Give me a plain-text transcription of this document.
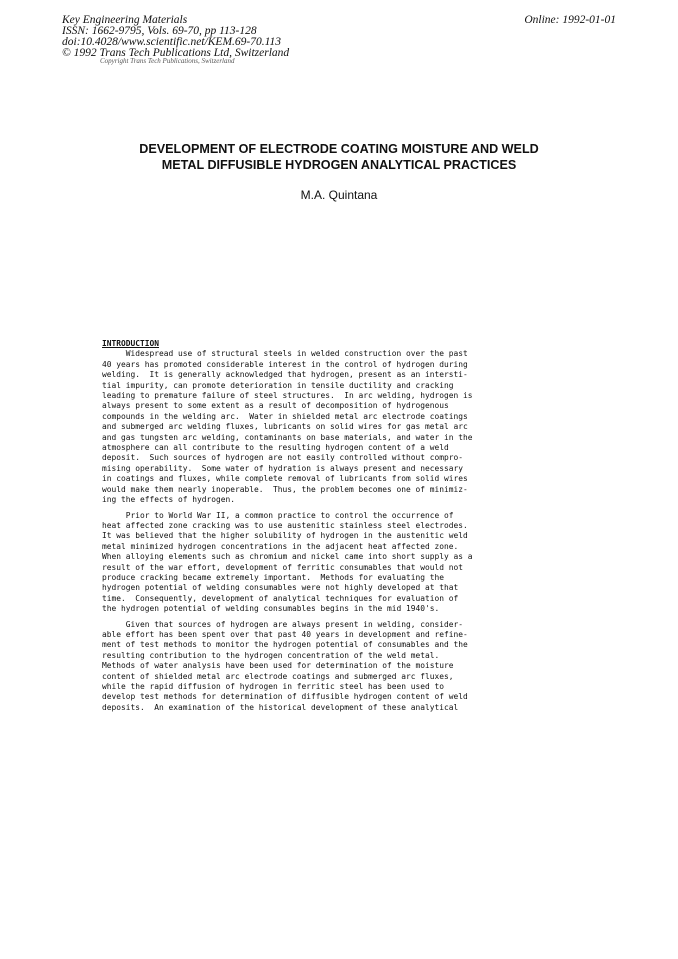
Key Engineering Materials
ISSN: 1662-9795, Vols. 69-70, pp 113-128
doi:10.4028/www.scientific.net/KEM.69-70.113
© 1992 Trans Tech Publications Ltd, Switzerland
Online: 1992-01-01
Copyright Trans Tech Publications, Switzerland
DEVELOPMENT OF ELECTRODE COATING MOISTURE AND WELD
METAL DIFFUSIBLE HYDROGEN ANALYTICAL PRACTICES
M.A. Quintana
INTRODUCTION
Widespread use of structural steels in welded construction over the past
40 years has promoted considerable interest in the control of hydrogen during
welding.  It is generally acknowledged that hydrogen, present as an intersti-
tial impurity, can promote deterioration in tensile ductility and cracking
leading to premature failure of steel structures.  In arc welding, hydrogen is
always present to some extent as a result of decomposition of hydrogenous
compounds in the welding arc.  Water in shielded metal arc electrode coatings
and submerged arc welding fluxes, lubricants on solid wires for gas metal arc
and gas tungsten arc welding, contaminants on base materials, and water in the
atmosphere can all contribute to the resulting hydrogen content of a weld
deposit.  Such sources of hydrogen are not easily controlled without compro-
mising operability.  Some water of hydration is always present and necessary
in coatings and fluxes, while complete removal of lubricants from solid wires
would make them nearly inoperable.  Thus, the problem becomes one of minimiz-
ing the effects of hydrogen.
Prior to World War II, a common practice to control the occurrence of
heat affected zone cracking was to use austenitic stainless steel electrodes.
It was believed that the higher solubility of hydrogen in the austenitic weld
metal minimized hydrogen concentrations in the adjacent heat affected zone.
When alloying elements such as chromium and nickel came into short supply as a
result of the war effort, development of ferritic consumables that would not
produce cracking became extremely important.  Methods for evaluating the
hydrogen potential of welding consumables were not highly developed at that
time.  Consequently, development of analytical techniques for evaluation of
the hydrogen potential of welding consumables begins in the mid 1940's.
Given that sources of hydrogen are always present in welding, consider-
able effort has been spent over that past 40 years in development and refine-
ment of test methods to monitor the hydrogen potential of consumables and the
resulting contribution to the hydrogen concentration of the weld metal.
Methods of water analysis have been used for determination of the moisture
content of shielded metal arc electrode coatings and submerged arc fluxes,
while the rapid diffusion of hydrogen in ferritic steel has been used to
develop test methods for determination of diffusible hydrogen content of weld
deposits.  An examination of the historical development of these analytical
